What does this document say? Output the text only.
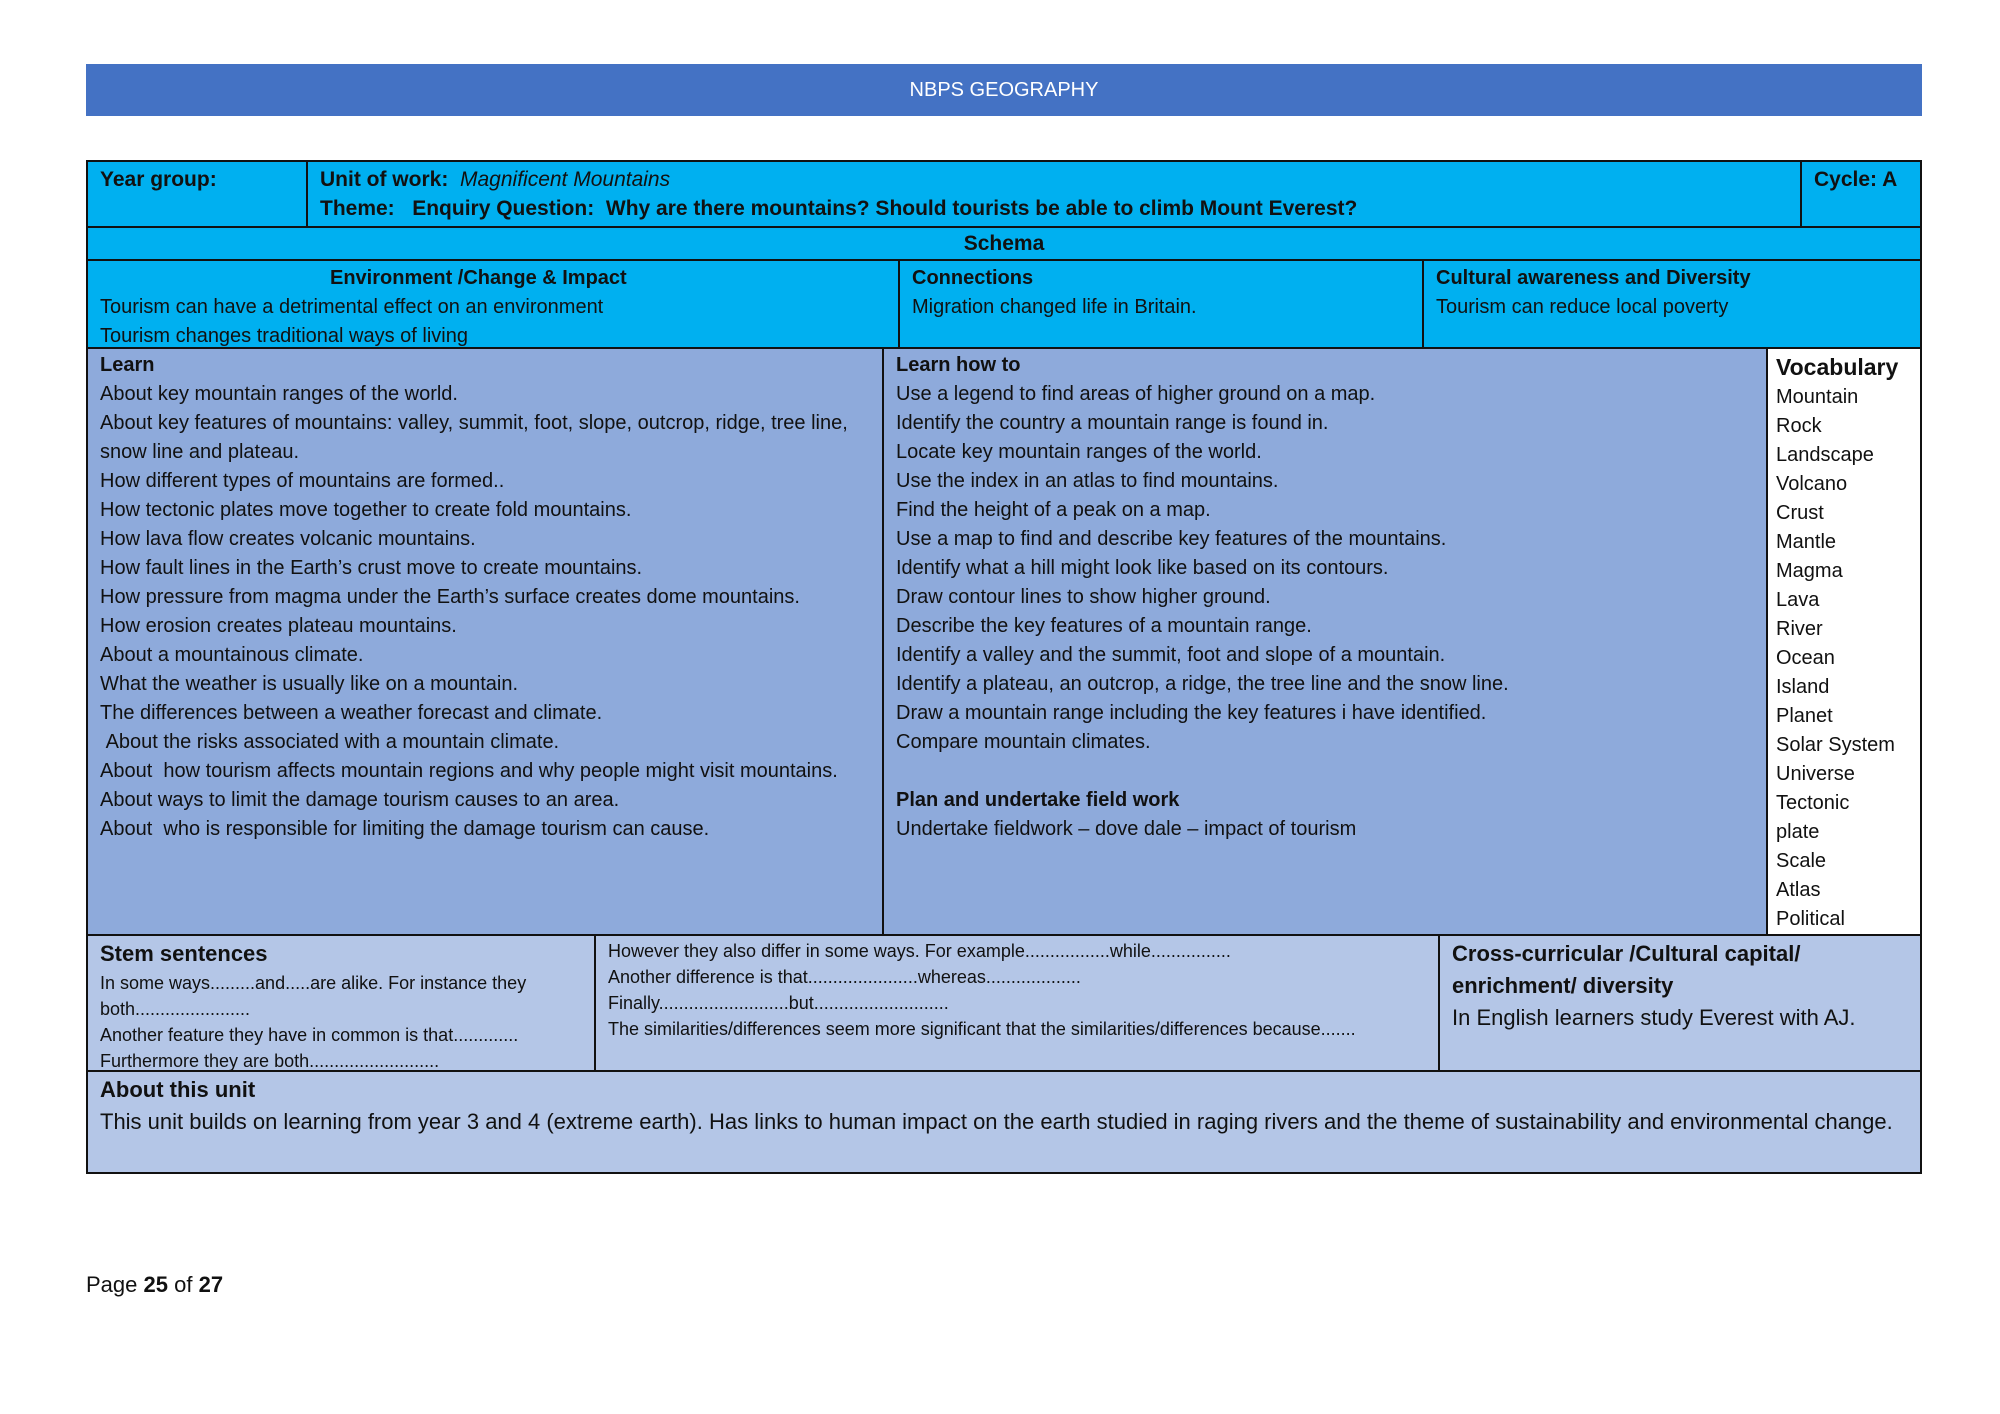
NBPS GEOGRAPHY
Year group:	Unit of work: Magnificent Mountains
Theme: Enquiry Question: Why are there mountains? Should tourists be able to climb Mount Everest?
Cycle: A
Schema
Environment /Change & Impact
Tourism can have a detrimental effect on an environment
Tourism changes traditional ways of living
Connections
Migration changed life in Britain.
Cultural awareness and Diversity
Tourism can reduce local poverty
Learn
About key mountain ranges of the world.
About key features of mountains: valley, summit, foot, slope, outcrop, ridge, tree line, snow line and plateau.
How different types of mountains are formed..
How tectonic plates move together to create fold mountains.
How lava flow creates volcanic mountains.
How fault lines in the Earth’s crust move to create mountains.
How pressure from magma under the Earth’s surface creates dome mountains.
How erosion creates plateau mountains.
About a mountainous climate.
What the weather is usually like on a mountain.
The differences between a weather forecast and climate.
About the risks associated with a mountain climate.
About  how tourism affects mountain regions and why people might visit mountains.
About ways to limit the damage tourism causes to an area.
About  who is responsible for limiting the damage tourism can cause.
Learn how to
Use a legend to find areas of higher ground on a map.
Identify the country a mountain range is found in.
Locate key mountain ranges of the world.
Use the index in an atlas to find mountains.
Find the height of a peak on a map.
Use a map to find and describe key features of the mountains.
Identify what a hill might look like based on its contours.
Draw contour lines to show higher ground.
Describe the key features of a mountain range.
Identify a valley and the summit, foot and slope of a mountain.
Identify a plateau, an outcrop, a ridge, the tree line and the snow line.
Draw a mountain range including the key features i have identified.
Compare mountain climates.
Plan and undertake field work
Undertake fieldwork – dove dale – impact of tourism
Vocabulary
Mountain
Rock
Landscape
Volcano
Crust
Mantle
Magma
Lava
River
Ocean
Island
Planet
Solar System
Universe
Tectonic
plate
Scale
Atlas
Political
Stem sentences
In some ways.........and.....are alike. For instance they both.......................
Another feature they have in common is that.............
Furthermore they are both..........................
However they also differ in some ways. For example.................while................
Another difference is that......................whereas...................
Finally..........................but...........................
The similarities/differences seem more significant that the similarities/differences because.......
Cross-curricular /Cultural capital/ enrichment/ diversity
In English learners study Everest with AJ.
About this unit
This unit builds on learning from year 3 and 4 (extreme earth). Has links to human impact on the earth studied in raging rivers and the theme of sustainability and environmental change.
Page 25 of 27
